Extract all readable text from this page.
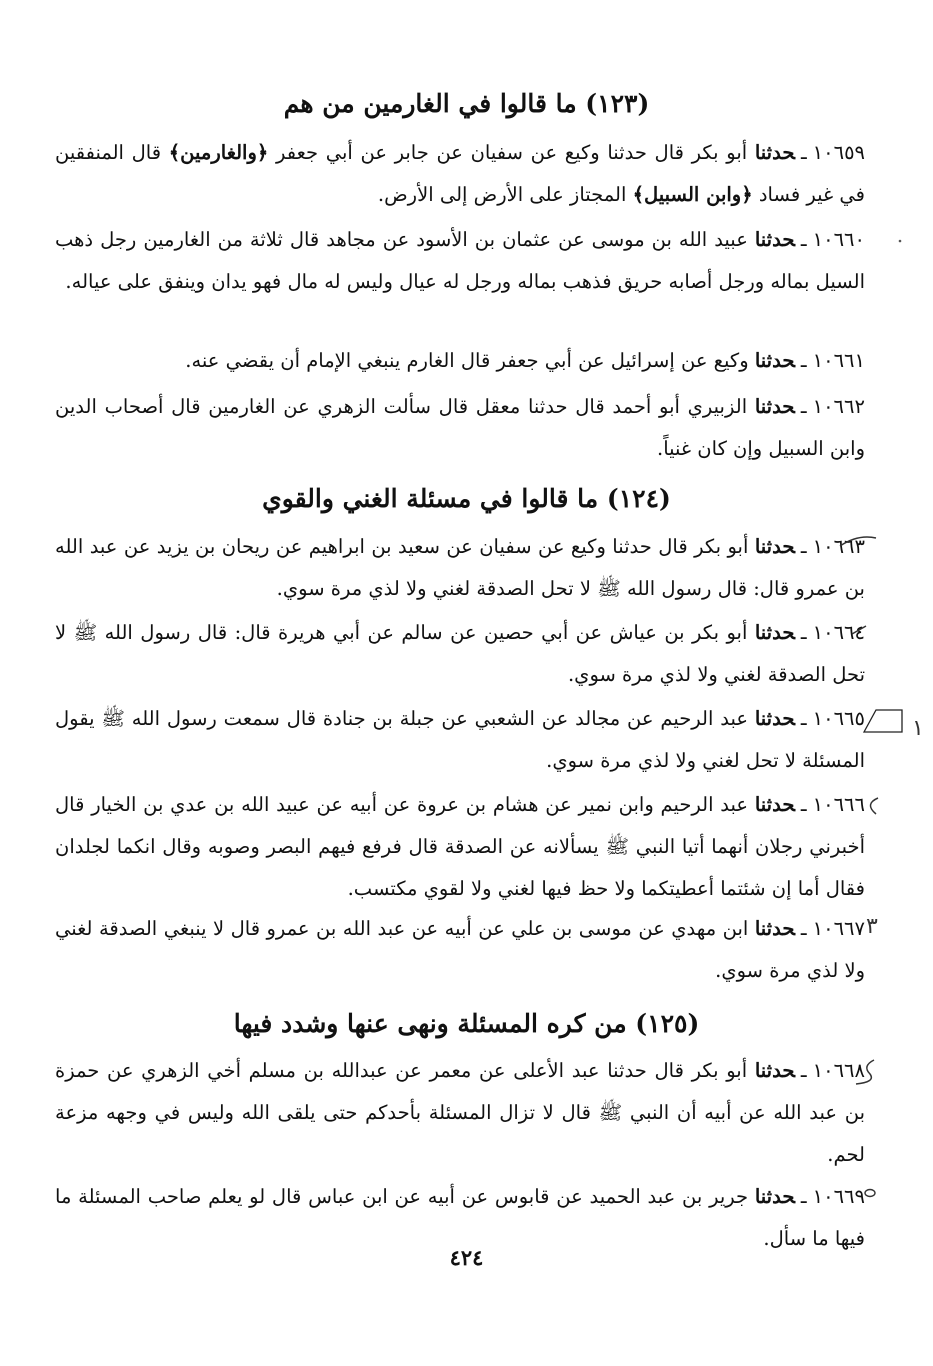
(١٢٣) ما قالوا في الغارمين من هم
١٠٦٥٩ـحدثنا أبو بكر قال حدثنا وكيع عن سفيان عن جابر عن أبي جعفر ﴿والغارمين﴾ قال المنفقين في غير فساد ﴿وابن السبيل﴾ المجتاز على الأرض إلى الأرض.
١٠٦٦٠ـحدثنا عبيد الله بن موسى عن عثمان بن الأسود عن مجاهد قال ثلاثة من الغارمين رجل ذهب السيل بماله ورجل أصابه حريق فذهب بماله ورجل له عيال وليس له مال فهو يدان وينفق على عياله.
١٠٦٦١ـحدثنا وكيع عن إسرائيل عن أبي جعفر قال الغارم ينبغي الإمام أن يقضي عنه.
١٠٦٦٢ـحدثنا الزبيري أبو أحمد قال حدثنا معقل قال سألت الزهري عن الغارمين قال أصحاب الدين وابن السبيل وإن كان غنياً.
(١٢٤) ما قالوا في مسئلة الغني والقوي
١٠٦٦٣ـحدثنا أبو بكر قال حدثنا وكيع عن سفيان عن سعيد بن ابراهيم عن ريحان بن يزيد عن عبد الله بن عمرو قال: قال رسول الله ﷺ لا تحل الصدقة لغني ولا لذي مرة سوي.
١٠٦٦٤ـحدثنا أبو بكر بن عياش عن أبي حصين عن سالم عن أبي هريرة قال: قال رسول الله ﷺ لا تحل الصدقة لغني ولا لذي مرة سوي.
١٠٦٦٥ـحدثنا عبد الرحيم عن مجالد عن الشعبي عن جبلة بن جنادة قال سمعت رسول الله ﷺ يقول المسئلة لا تحل لغني ولا لذي مرة سوي.
١٠٦٦٦ـحدثنا عبد الرحيم وابن نمير عن هشام بن عروة عن أبيه عن عبيد الله بن عدي بن الخيار قال أخبرني رجلان أنهما أتيا النبي ﷺ يسألانه عن الصدقة قال فرفع فيهم البصر وصوبه وقال انكما لجلدان فقال أما إن شئتما أعطيتكما ولا حظ فيها لغني ولا لقوي مكتسب.
١٠٦٦٧ـحدثنا ابن مهدي عن موسى بن علي عن أبيه عن عبد الله بن عمرو قال لا ينبغي الصدقة لغني ولا لذي مرة سوي.
(١٢٥) من كره المسئلة ونهى عنها وشدد فيها
١٠٦٦٨ـحدثنا أبو بكر قال حدثنا عبد الأعلى عن معمر عن عبدالله بن مسلم أخي الزهري عن حمزة بن عبد الله عن أبيه أن النبي ﷺ قال لا تزال المسئلة بأحدكم حتى يلقى الله وليس في وجهه مزعة لحم.
١٠٦٦٩ـحدثنا جرير بن عبد الحميد عن قابوس عن أبيه عن ابن عباس قال لو يعلم صاحب المسئلة ما فيها ما سأل.
١
٣
٤٢٤
